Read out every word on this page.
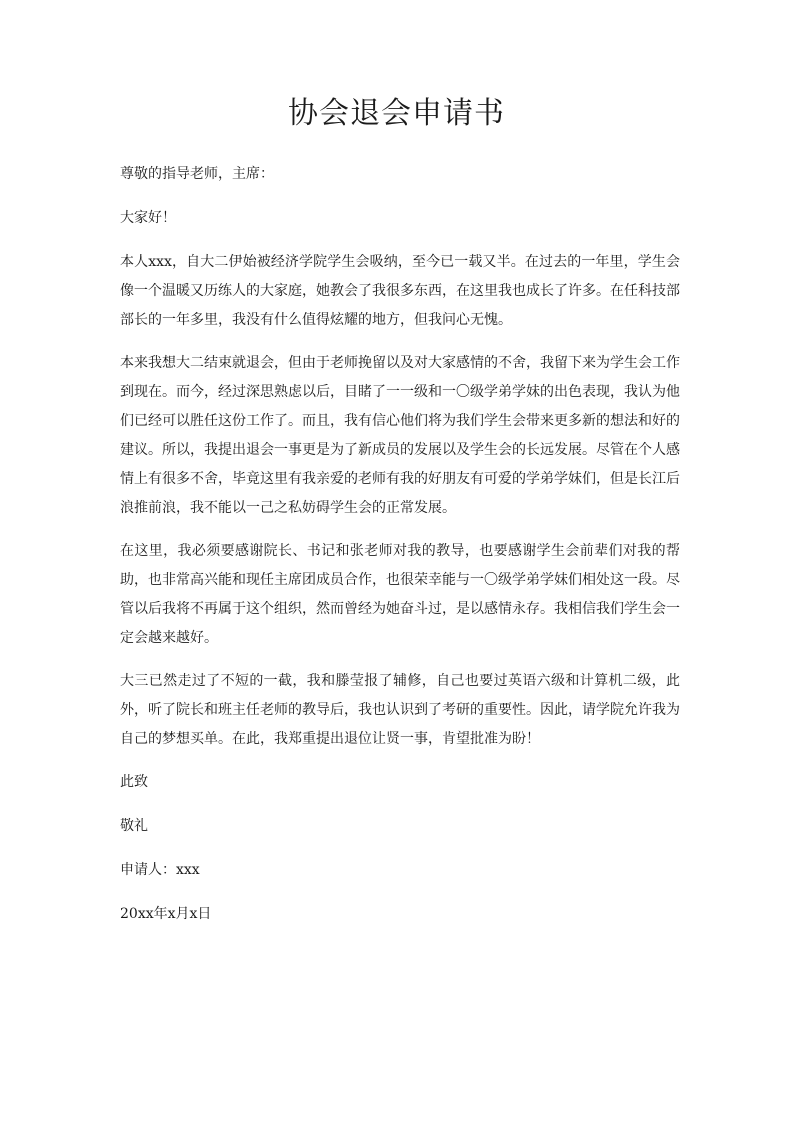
协会退会申请书

尊敬的指导老师，主席：

大家好！

本人xxx，自大二伊始被经济学院学生会吸纳，至今已一载又半。在过去的一年里，学生会像一个温暖又历练人的大家庭，她教会了我很多东西，在这里我也成长了许多。在任科技部部长的一年多里，我没有什么值得炫耀的地方，但我问心无愧。

本来我想大二结束就退会，但由于老师挽留以及对大家感情的不舍，我留下来为学生会工作到现在。而今，经过深思熟虑以后，目睹了一一级和一〇级学弟学妹的出色表现，我认为他们已经可以胜任这份工作了。而且，我有信心他们将为我们学生会带来更多新的想法和好的建议。所以，我提出退会一事更是为了新成员的发展以及学生会的长远发展。尽管在个人感情上有很多不舍，毕竟这里有我亲爱的老师有我的好朋友有可爱的学弟学妹们，但是长江后浪推前浪，我不能以一己之私妨碍学生会的正常发展。

在这里，我必须要感谢院长、书记和张老师对我的教导，也要感谢学生会前辈们对我的帮助，也非常高兴能和现任主席团成员合作，也很荣幸能与一〇级学弟学妹们相处这一段。尽管以后我将不再属于这个组织，然而曾经为她奋斗过，是以感情永存。我相信我们学生会一定会越来越好。

大三已然走过了不短的一截，我和滕莹报了辅修，自己也要过英语六级和计算机二级，此外，听了院长和班主任老师的教导后，我也认识到了考研的重要性。因此，请学院允许我为自己的梦想买单。在此，我郑重提出退位让贤一事，肯望批准为盼！

此致

敬礼

申请人：xxx

20xx年x月x日
